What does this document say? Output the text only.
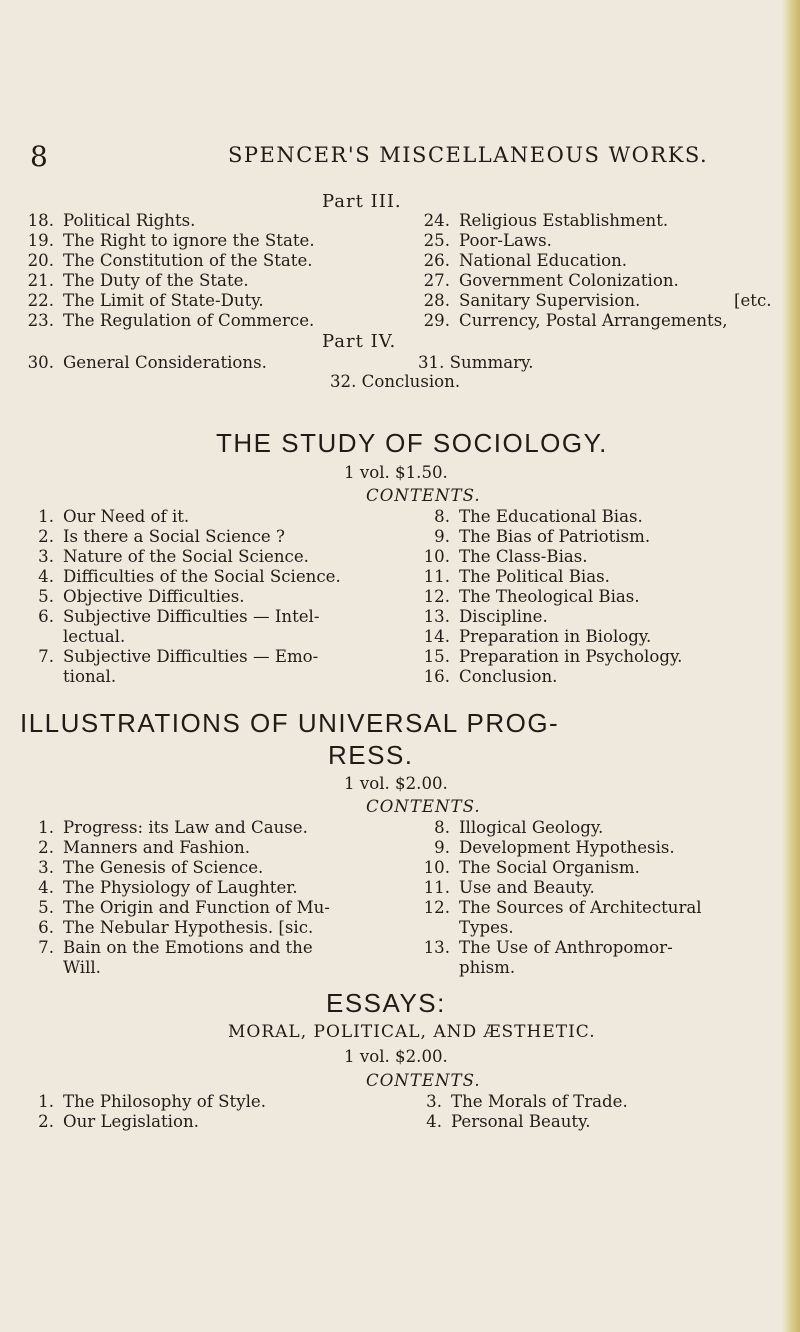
8	SPENCER'S MISCELLANEOUS WORKS.
Part III.
18. Political Rights.
19. The Right to ignore the State.
20. The Constitution of the State.
21. The Duty of the State.
22. The Limit of State-Duty.
23. The Regulation of Commerce.
24. Religious Establishment.
25. Poor-Laws.
26. National Education.
27. Government Colonization.
28. Sanitary Supervision.
29. Currency, Postal Arrangements,
[etc.
Part IV.
30. General Considerations.	31. Summary.
32. Conclusion.
THE STUDY OF SOCIOLOGY.
1 vol. $1.50.
CONTENTS.
1. Our Need of it.
2. Is there a Social Science ?
3. Nature of the Social Science.
4. Difficulties of the Social Science.
5. Objective Difficulties.
6. Subjective Difficulties — Intel-
lectual.
7. Subjective Difficulties — Emo-
tional.
8. The Educational Bias.
9. The Bias of Patriotism.
10. The Class-Bias.
11. The Political Bias.
12. The Theological Bias.
13. Discipline.
14. Preparation in Biology.
15. Preparation in Psychology.
16. Conclusion.
ILLUSTRATIONS OF UNIVERSAL PROG-
RESS.
1 vol. $2.00.
CONTENTS.
1. Progress: its Law and Cause.
2. Manners and Fashion.
3. The Genesis of Science.
4. The Physiology of Laughter.
5. The Origin and Function of Mu-
6. The Nebular Hypothesis. [sic.
7. Bain on the Emotions and the
Will.
8. Illogical Geology.
9. Development Hypothesis.
10. The Social Organism.
11. Use and Beauty.
12. The Sources of Architectural
Types.
13. The Use of Anthropomor-
phism.
ESSAYS:
MORAL, POLITICAL, AND ÆSTHETIC.
1 vol. $2.00.
CONTENTS.
1. The Philosophy of Style.
2. Our Legislation.
3. The Morals of Trade.
4. Personal Beauty.
